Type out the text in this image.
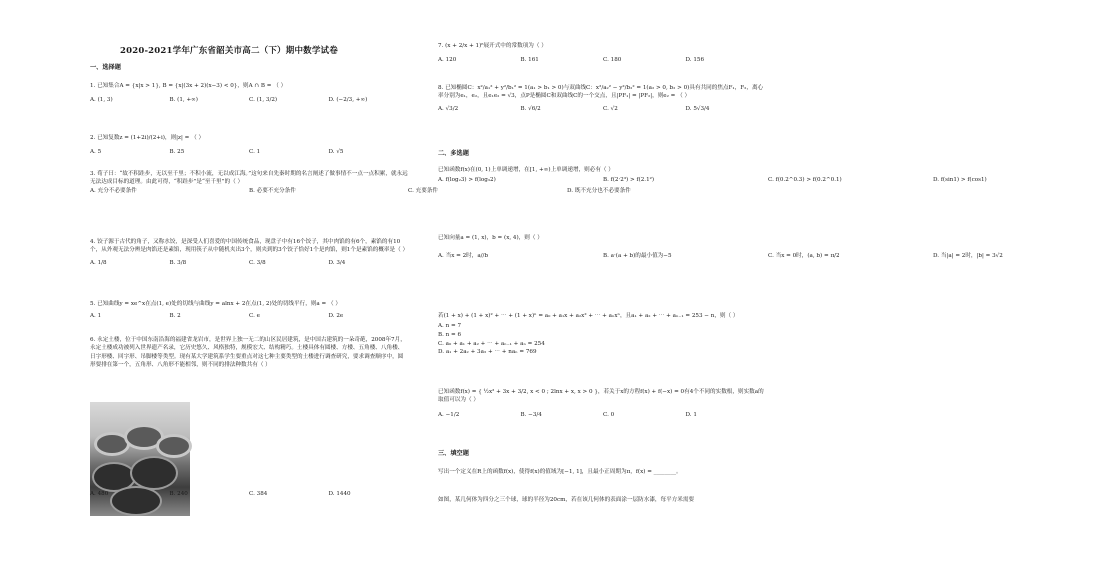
2020-2021学年广东省韶关市高二（下）期中数学试卷

一、选择题

1. 已知集合A = {x|x > 1}, B = {x|(3x + 2)(x−3) < 0}，则A ∩ B = （ ）

A. (1, 3)	B. (1, +∞)	C. (1, 3/2)	D. (−2/3, +∞)

2. 已知复数z = (1+2i)/(2+i)，则|z| = （ ）

A. 5	B. 25	C. 1	D. √5

3. 荀子曰：“故不积跬步，无以至千里；不积小流，无以成江海。”这句来自先秦时期的名言阐述了做事情不一点一点积累，就永远无法达成目标的道理。由此可得，“积跬步”是“至千里”的（ ）

A. 充分不必要条件	B. 必要不充分条件	C. 充要条件	D. 既不充分也不必要条件

4. 饺子源于古代的角子，又称水饺，是深受人们喜爱的中国传统食品，现盘子中有16个饺子，其中肉馅的有6个，素馅的有10个，从外观无法分辨是肉馅还是素馅，现用筷子从中随机夹出3个，则夹到的3个饺子恰好1个是肉馅，则1个是素馅的概率是（ ）

A. 1/8	B. 3/8	C. 3/8	D. 3/4

5. 已知曲线y = xe^x在点(1, e)处的切线与曲线y = alnx + 2在点(1, 2)处的切线平行，则a = （ ）

A. 1	B. 2	C. e	D. 2e

6. 永定土楼，位于中国东南沿海的福建省龙岩市，是世界上独一无二的山区民居建筑，是中国古建筑的一朵奇葩，2008年7月，永定土楼成功被列入世界遗产名录，它历史悠久、风格独特，规模宏大、结构精巧。土楼具体有圆楼、方楼、五角楼、八角楼、日字形楼、回字形、吊脚楼等类型。现有某大学建筑系学生要重点对这七种主要类型的土楼进行调查研究，要求调查顺序中，圆形要排在第一个，五角形、八角形不能相邻，则不同的排法种数共有（ ）

A. 480	B. 240	C. 384	D. 1440

7. (x + 2/x + 1)⁶展开式中的常数项为（ ）

A. 120	B. 161	C. 180	D. 156

8. 已知椭圆C：x²/a₁² + y²/b₁² = 1(a₁ > b₁ > 0)与双曲线C：x²/a₂² − y²/b₂² = 1(a₂ > 0, b₂ > 0)具有共同的焦点F₁，F₂，离心率分别为e₁，e₂，且e₁e₂ = √3，点P是椭圆C和双曲线C的一个交点，且|PF₁| = |PF₂|，则e₂ = （ ）

A. √3/2	B. √6/2	C. √2	D. 5√3/4

二、多选题

已知函数f(x)在(0, 1)上单调递增，在[1, +∞)上单调递增，则必有（ ）

A. f(log₂3) > f(log₃2)	B. f(2·2³) > f(2.1²)	C. f(0.2^0.3) > f(0.2^0.1)	D. f(sin1) > f(cos1)

已知向量a = (1, x)，b = (x, 4)，则（ ）

A. 当x = 2时，a//b	B. a·(a + b)的最小值为−5	C. 当x = 0时，(a, b) = π/2	D. 当|a| = 2时，|b| = 3√2

若(1 + x) + (1 + x)² + ⋯ + (1 + x)ⁿ = a₀ + a₁x + a₂x² + ⋯ + aₙxⁿ，且a₁ + a₂ + ⋯ + aₙ₋₁ = 253 − n，则（ ）

A. n = 7
B. n = 6
C. a₀ + a₁ + a₂ + ⋯ + aₙ₋₁ + aₙ = 254
D. a₁ + 2a₂ + 3a₃ + ⋯ + naₙ = 769

已知函数f(x) = { ½x² + 3x + 3/2, x < 0 ; 2lnx + x, x > 0 }，若关于x的方程f(x) + f(−x) = 0有4个不同的实数根，则实数a的取值可以为（ ）

A. −1/2	B. −3/4	C. 0	D. 1

三、填空题

写出一个定义在R上的函数f(x)，使得f(x)的值域为[−1, 1]，且最小正周期为π，f(x) = ________。

如图，某几何体为四分之三个球，球的半径为20cm，若在该几何体的表面涂一层防水漆，每平方米需要
